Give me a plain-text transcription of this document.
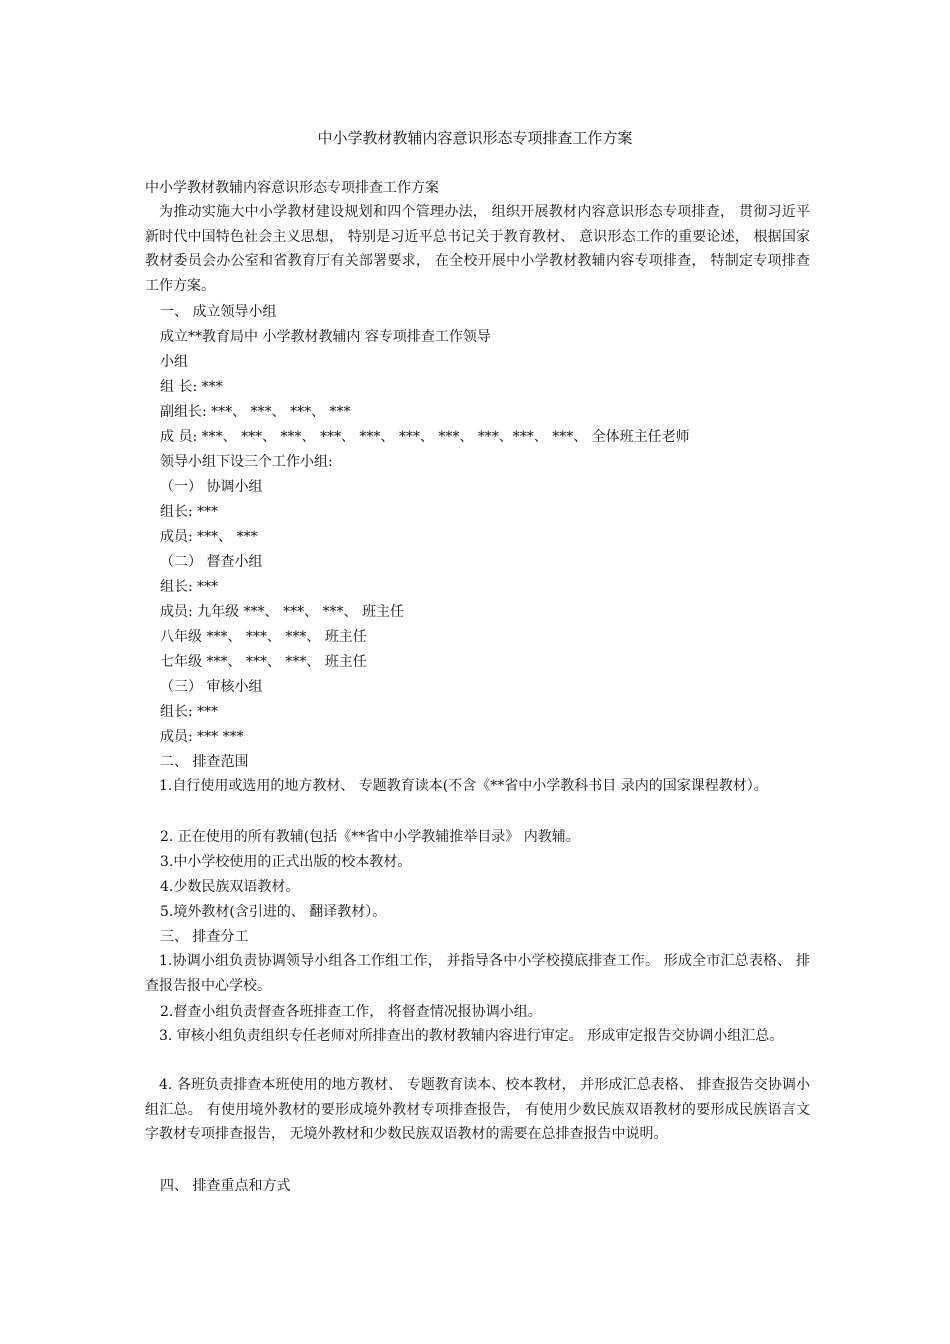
中小学教材教辅内容意识形态专项排查工作方案
中小学教材教辅内容意识形态专项排查工作方案

为推动实施大中小学教材建设规划和四个管理办法， 组织开展教材内容意识形态专项排查， 贯彻习近平新时代中国特色社会主义思想， 特别是习近平总书记关于教育教材、 意识形态工作的重要论述， 根据国家教材委员会办公室和省教育厅有关部署要求， 在全校开展中小学教材教辅内容专项排查， 特制定专项排查工作方案。

一、 成立领导小组
成立**教育局中 小学教材教辅内 容专项排查工作领导
小组
组 长: ***
副组长: ***、 ***、 ***、 ***
成 员: ***、 ***、 ***、 ***、 ***、 ***、 ***、 ***、***、 ***、 全体班主任老师
领导小组下设三个工作小组:
（一） 协调小组
组长: ***
成员: ***、 ***
（二） 督查小组
组长: ***
成员: 九年级 ***、 ***、 ***、 班主任
八年级 ***、 ***、 ***、 班主任
七年级 ***、 ***、 ***、 班主任
（三） 审核小组
组长: ***
成员: *** ***
二、 排查范围

1.自行使用或选用的地方教材、 专题教育读本(不含《**省中小学教科书目 录内的国家课程教材）。

2. 正在使用的所有教辅(包括《**省中小学教辅推举目录》 内教辅。
3.中小学校使用的正式出版的校本教材。
4.少数民族双语教材。
5.境外教材(含引进的、 翻译教材）。
三、 排查分工

1.协调小组负责协调领导小组各工作组工作， 并指导各中小学校摸底排查工作。 形成全市汇总表格、 排查报告报中心学校。

2.督查小组负责督查各班排查工作， 将督查情况报协调小组。

3. 审核小组负责组织专任老师对所排查出的教材教辅内容进行审定。 形成审定报告交协调小组汇总。

4. 各班负责排查本班使用的地方教材、 专题教育读本、校本教材， 并形成汇总表格、 排查报告交协调小组汇总。 有使用境外教材的要形成境外教材专项排查报告， 有使用少数民族双语教材的要形成民族语言文字教材专项排查报告， 无境外教材和少数民族双语教材的需要在总排查报告中说明。

四、 排查重点和方式
